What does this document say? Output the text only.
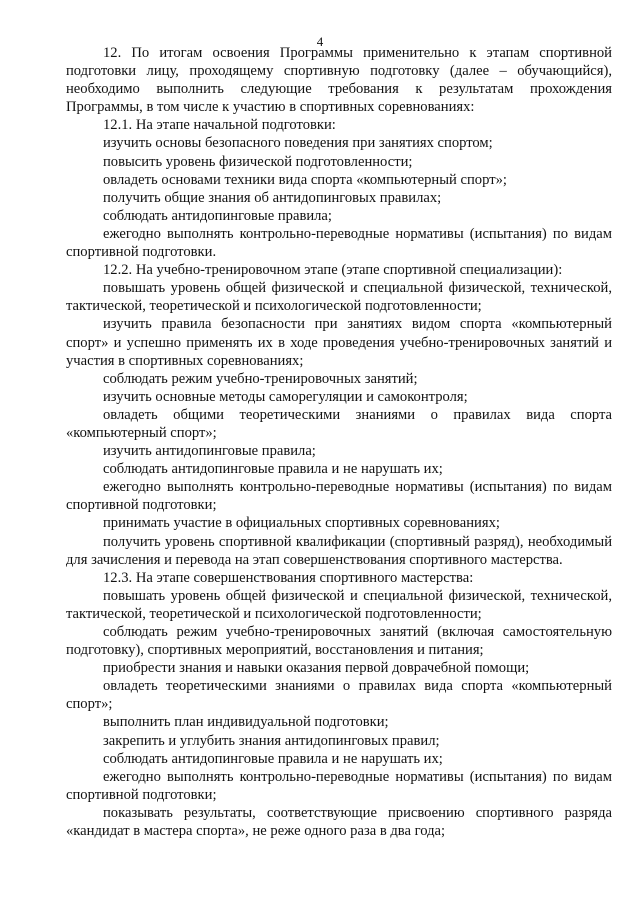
4

12. По итогам освоения Программы применительно к этапам спортивной подготовки лицу, проходящему спортивную подготовку (далее – обучающийся), необходимо выполнить следующие требования к результатам прохождения Программы, в том числе к участию в спортивных соревнованиях:

12.1. На этапе начальной подготовки:

изучить основы безопасного поведения при занятиях спортом;

повысить уровень физической подготовленности;

овладеть основами техники вида спорта «компьютерный спорт»;

получить общие знания об антидопинговых правилах;

соблюдать антидопинговые правила;

ежегодно выполнять контрольно-переводные нормативы (испытания) по видам спортивной подготовки.

12.2. На учебно-тренировочном этапе (этапе спортивной специализации):

повышать уровень общей физической и специальной физической, технической, тактической, теоретической и психологической подготовленности;

изучить правила безопасности при занятиях видом спорта «компьютерный спорт» и успешно применять их в ходе проведения учебно-тренировочных занятий и участия в спортивных соревнованиях;

соблюдать режим учебно-тренировочных занятий;

изучить основные методы саморегуляции и самоконтроля;

овладеть общими теоретическими знаниями о правилах вида спорта «компьютерный спорт»;

изучить антидопинговые правила;

соблюдать антидопинговые правила и не нарушать их;

ежегодно выполнять контрольно-переводные нормативы (испытания) по видам спортивной подготовки;

принимать участие в официальных спортивных соревнованиях;

получить уровень спортивной квалификации (спортивный разряд), необходимый для зачисления и перевода на этап совершенствования спортивного мастерства.

12.3. На этапе совершенствования спортивного мастерства:

повышать уровень общей физической и специальной физической, технической, тактической, теоретической и психологической подготовленности;

соблюдать режим учебно-тренировочных занятий (включая самостоятельную подготовку), спортивных мероприятий, восстановления и питания;

приобрести знания и навыки оказания первой доврачебной помощи;

овладеть теоретическими знаниями о правилах вида спорта «компьютерный спорт»;

выполнить план индивидуальной подготовки;

закрепить и углубить знания антидопинговых правил;

соблюдать антидопинговые правила и не нарушать их;

ежегодно выполнять контрольно-переводные нормативы (испытания) по видам спортивной подготовки;

показывать результаты, соответствующие присвоению спортивного разряда «кандидат в мастера спорта», не реже одного раза в два года;
